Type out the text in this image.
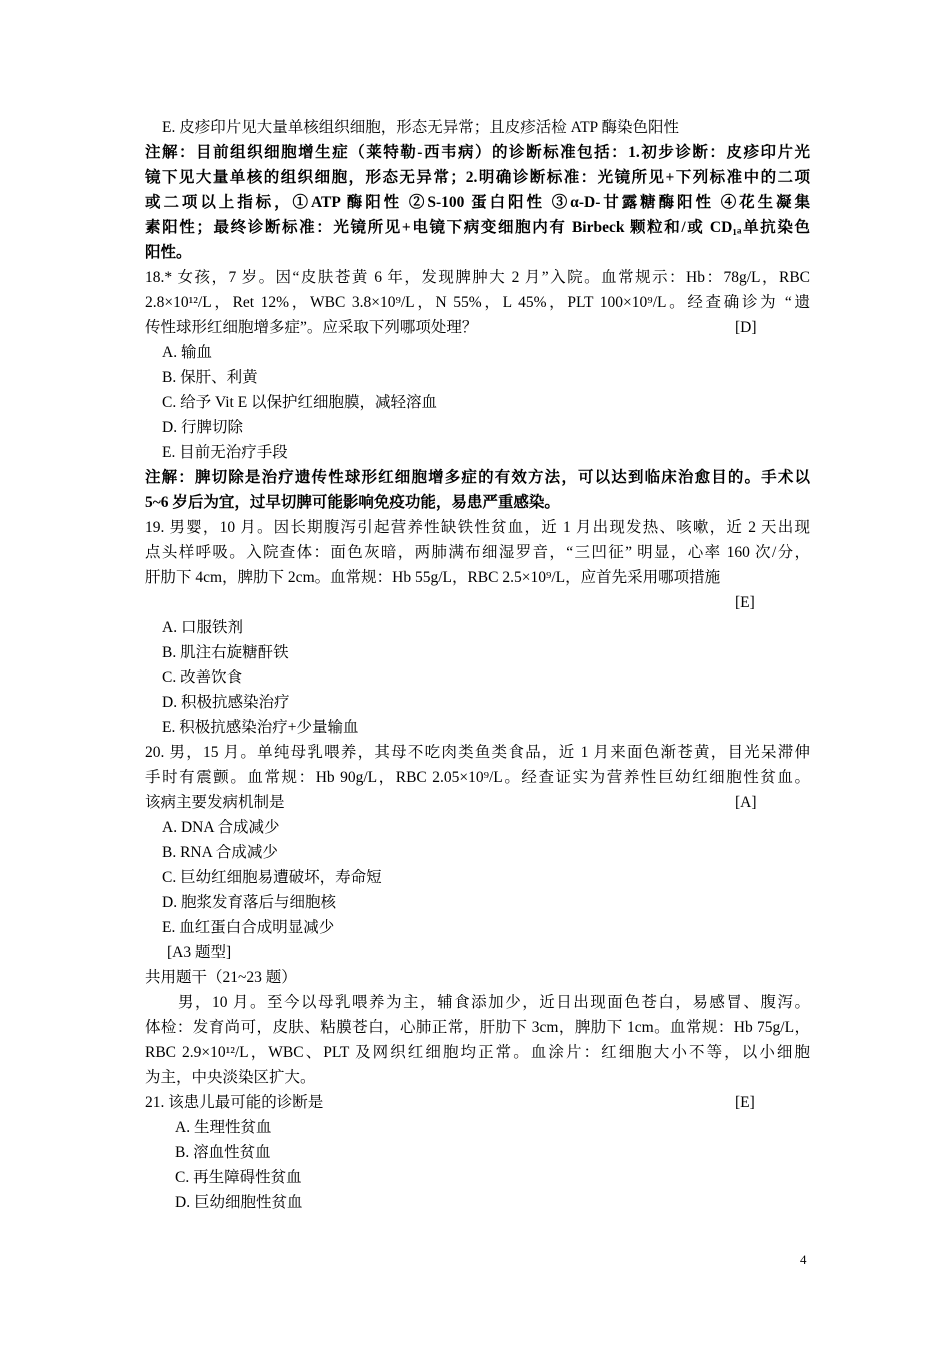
E. 皮疹印片见大量单核组织细胞，形态无异常；且皮疹活检 ATP 酶染色阳性
注解：目前组织细胞增生症（莱特勒-西韦病）的诊断标准包括：1.初步诊断：皮疹印片光
镜下见大量单核的组织细胞，形态无异常；2.明确诊断标准：光镜所见+下列标准中的二项
或二项以上指标，①ATP 酶阳性 ②S-100 蛋白阳性 ③α-D-甘露糖酶阳性 ④花生凝集
素阳性；最终诊断标准：光镜所见+电镜下病变细胞内有 Birbeck 颗粒和/或 CD₁ₐ单抗染色
阳性。
18.* 女孩，7 岁。因“皮肤苍黄 6 年，发现脾肿大 2 月”入院。血常规示：Hb：78g/L，RBC
2.8×10¹²/L，Ret 12%，WBC 3.8×10⁹/L，N 55%，L 45%，PLT 100×10⁹/L。经查确诊为 “遗
传性球形红细胞增多症”。应采取下列哪项处理？	[D]
A. 输血
B. 保肝、利黄
C. 给予 Vit E 以保护红细胞膜，减轻溶血
D. 行脾切除
E. 目前无治疗手段
注解：脾切除是治疗遗传性球形红细胞增多症的有效方法，可以达到临床治愈目的。手术以
5~6 岁后为宜，过早切脾可能影响免疫功能，易患严重感染。
19. 男婴，10 月。因长期腹泻引起营养性缺铁性贫血，近 1 月出现发热、咳嗽，近 2 天出现
点头样呼吸。入院查体：面色灰暗，两肺满布细湿罗音，“三凹征” 明显，心率 160 次/分，
肝肋下 4cm，脾肋下 2cm。血常规：Hb 55g/L，RBC 2.5×10⁹/L，应首先采用哪项措施
[E]
A. 口服铁剂
B. 肌注右旋糖酐铁
C. 改善饮食
D. 积极抗感染治疗
E. 积极抗感染治疗+少量输血
20. 男，15 月。单纯母乳喂养，其母不吃肉类鱼类食品，近 1 月来面色渐苍黄，目光呆滞伸
手时有震颤。血常规：Hb 90g/L，RBC 2.05×10⁹/L。经查证实为营养性巨幼红细胞性贫血。
该病主要发病机制是	[A]
A. DNA 合成减少
B. RNA 合成减少
C. 巨幼红细胞易遭破坏，寿命短
D. 胞浆发育落后与细胞核
E. 血红蛋白合成明显减少
[A3 题型]
共用题干（21~23 题）
男，10 月。至今以母乳喂养为主，辅食添加少，近日出现面色苍白，易感冒、腹泻。
体检：发育尚可，皮肤、粘膜苍白，心肺正常，肝肋下 3cm，脾肋下 1cm。血常规：Hb 75g/L，
RBC 2.9×10¹²/L，WBC、PLT 及网织红细胞均正常。血涂片：红细胞大小不等，以小细胞
为主，中央淡染区扩大。
21. 该患儿最可能的诊断是	[E]
A. 生理性贫血
B. 溶血性贫血
C. 再生障碍性贫血
D. 巨幼细胞性贫血
4
